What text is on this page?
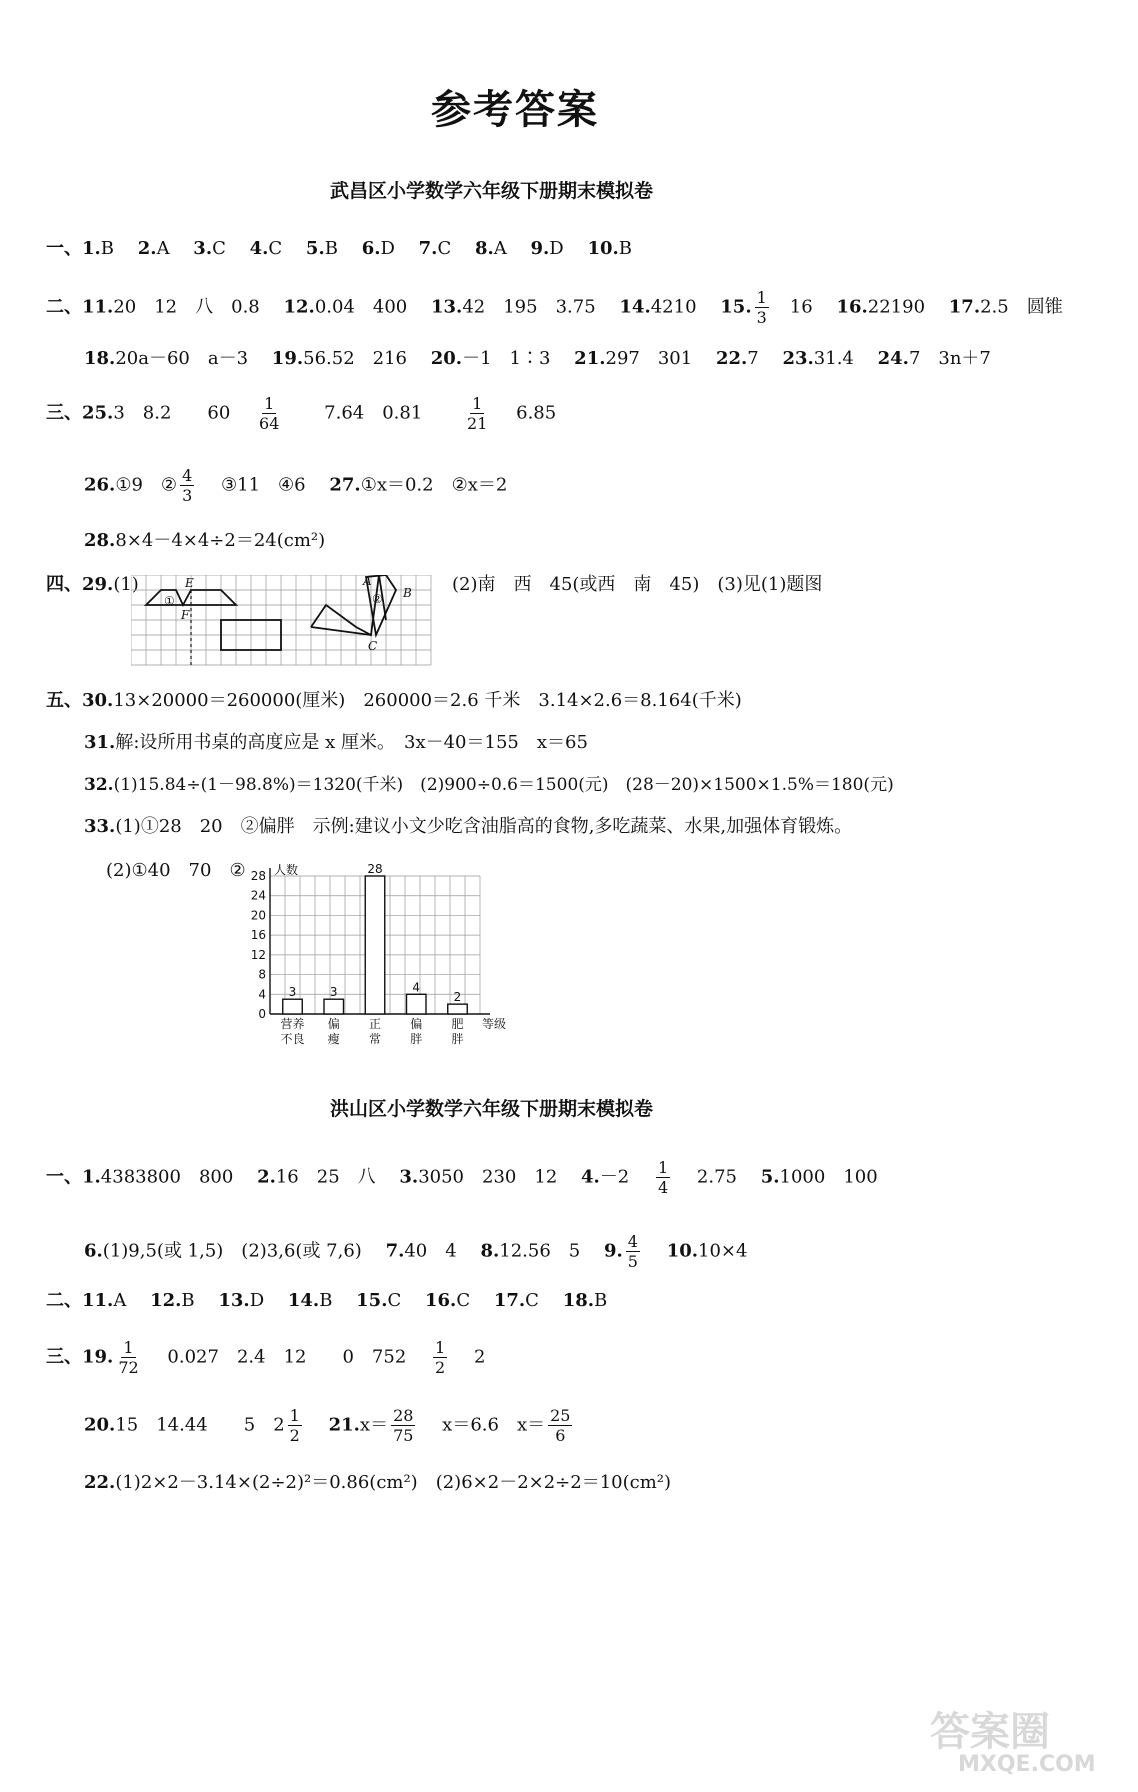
参考答案
武昌区小学数学六年级下册期末模拟卷
一、1.B 2.A 3.C 4.C 5.B 6.D 7.C 8.A 9.D 10.B
二、11.20　12　八　0.8 12.0.04　400 13.42　195　3.75 14.4210 15. $\frac{1}{3} 16$ 16.22190 17.2.5　圆锥
18.20a－60　a－3 19.56.52　216 20.－1　1∶3 21.297　301 22.7 23.31.4 24.7　3n＋7
三、25.3　8.2　　$60 \frac{1}{64} 7.64$　0.81	$\frac{1}{21} 6.85$
26.①9　② $\frac{4}{3}$ ③11　④6 27.①x＝0.2　②x＝2
28.8×4－4×4÷2＝24(cm²)
四、29.(1)	E
①
F
A
② B
C
(2)南　西　45(或西　南　45)　(3)见(1)题图
五、30.13×20000＝260000(厘米)　260000＝2.6 千米　3.14×2.6＝8.164(千米)
31.解:设所用书桌的高度应是 x 厘米。　3x－40＝155　x＝65
32.(1)15.84÷(1－98.8%)＝1320(千米)　(2)900÷0.6＝1500(元)　(28－20)×1500×1.5%＝180(元)
33.(1)①28　20　②偏胖　示例:建议小文少吃含油脂高的食物,多吃蔬菜、水果,加强体育锻炼。
(2)①40　70　②
0
4
8
12
16
20
24
28 人数
等级
3
营养
不良
3
偏
瘦
28
正
常
4
偏
胖
2
肥
胖
洪山区小学数学六年级下册期末模拟卷
一、1.4383800　800 2.16　25　八 3.3050　230　12 $4.-2 \frac{1}{4} 2.75$ 5.1000　100
6.(1)9,5(或 1,5)　(2)3,6(或 7,6) 7.40　4 8.12.56　5 9. $\frac{4}{5} 10.10\times 4$
二、11.A 12.B 13.D 14.B 15.C 16.C 17.C 18.B
三、19. $\frac{1}{72} 0.027$　2.4　12　　0　$752 \frac{1}{2} 2$
20.15　14.44　　5　$2 \frac{1}{2} 21.x= \frac{28}{75} x=6.6$　$x= \frac{25}{6}$
22.(1)2×2－3.14×(2÷2)²＝0.86(cm²)　(2)6×2－2×2÷2＝10(cm²)
答案圈
MXQE.COM
